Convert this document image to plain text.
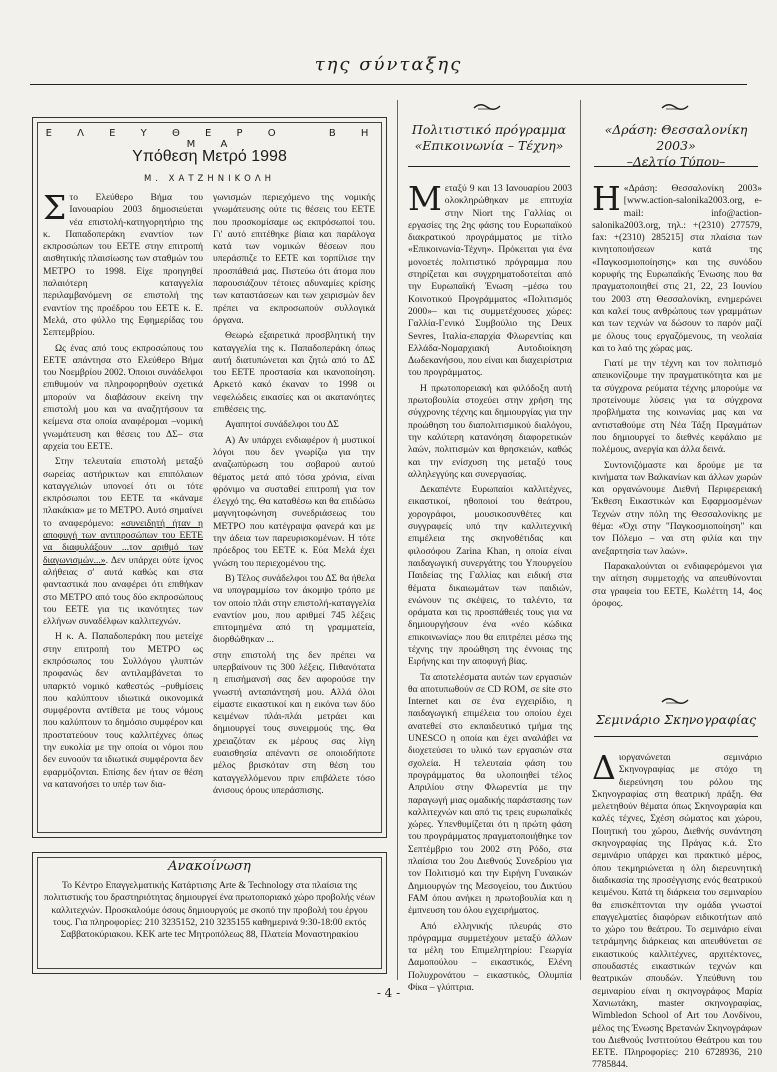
της σύνταξης
Ε Λ Ε Υ Θ Ε Ρ Ο	Β Η Μ Α
Υπόθεση Μετρό 1998
Μ. ΧΑΤΖΗΝΙΚΟΛΗ

Στο Ελεύθερο Βήμα του Ιανουαρίου 2003 δημοσιεύεται νέα επιστολή-κατηγορητήριο της κ. Παπαδοπεράκη εναντίον των εκπροσώπων του ΕΕΤΕ στην επιτροπή αισθητικής πλαισίωσης των σταθμών του ΜΕΤΡΟ το 1998. Είχε προηγηθεί παλαιότερη καταγγελία περιλαμβανόμενη σε επιστολή της εναντίον της προέδρου του ΕΕΤΕ κ. Ε. Μελά, στο φύλλο της Εφημερίδας του Σεπτεμβρίου.

Ως ένας από τους εκπροσώπους του ΕΕΤΕ απάντησα στο Ελεύθερο Βήμα του Νοεμβρίου 2002. Όποιοι συνάδελφοι επιθυμούν να πληροφορηθούν σχετικά μπορούν να διαβάσουν εκείνη την επιστολή μου και να αναζητήσουν τα κείμενα στα οποία αναφέρομαι –νομική γνωμάτευση και θέσεις του ΔΣ– στα αρχεία του ΕΕΤΕ.

Στην τελευταία επιστολή μεταξύ σωρείας αστήρικτων και επιπόλαιων καταγγελιών υπονοεί ότι οι τότε εκπρόσωποι του ΕΕΤΕ τα «κάναμε πλακάκια» με το ΜΕΤΡΟ. Αυτό σημαίνει το αναφερόμενο: «συνειδητή ήταν η αποφυγή των αντιπροσώπων του ΕΕΤΕ να διαφυλάξουν ...τον αριθμό των διαγωνισμών...». Δεν υπάρχει ούτε ίχνος αλήθειας σ' αυτά καθώς και στα φανταστικά που αναφέρει ότι επιθήκαν στο ΜΕΤΡΟ από τους δύο εκπροσώπους του ΕΕΤΕ για τις ικανότητες των ελλήνων συναδέλφων καλλιτεχνών.

Η κ. Α. Παπαδοπεράκη που μετείχε στην επιτροπή του ΜΕΤΡΟ ως εκπρόσωπος του Συλλόγου γλυπτών προφανώς δεν αντιλαμβάνεται το υπαρκτό νομικό καθεστώς –ρυθμίσεις που καλύπτουν ιδιωτικά οικονομικά συμφέροντα αντίθετα με τους νόμους που καλύπτουν το δημόσιο συμφέρον και προστατεύουν τους καλλιτέχνες όπως την ευκολία με την οποία οι νόμοι που δεν ευνοούν τα ιδιωτικά συμφέροντα δεν εφαρμόζονται. Επίσης δεν ήταν σε θέση να κατανοήσει το υπέρ των δια-

γωνισμών περιεχόμενο της νομικής γνωμάτευσης ούτε τις θέσεις του ΕΕΤΕ που προσκομίσαμε ως εκπρόσωποί του. Γι' αυτό επιτέθηκε βίαια και παράλογα κατά των νομικών θέσεων που υπεράσπιζε το ΕΕΤΕ και τορπίλισε την προσπάθειά μας. Πιστεύω ότι άτομα που παρουσιάζουν τέτοιες αδυναμίες κρίσης των καταστάσεων και των χειρισμών δεν πρέπει να εκπροσωπούν συλλογικά όργανα.

Θεωρώ εξαιρετικά προσβλητική την καταγγελία της κ. Παπαδοπεράκη όπως αυτή διατυπώνεται και ζητώ από το ΔΣ του ΕΕΤΕ προστασία και ικανοποίηση. Αρκετό κακό έκαναν το 1998 οι νεφελώδεις εικασίες και οι ακατανόητες επιθέσεις της.

Αγαπητοί συνάδελφοι του ΔΣ

Α) Αν υπάρχει ενδιαφέρον ή μυστικοί λόγοι που δεν γνωρίζω για την αναζωπύρωση του σοβαρού αυτού θέματος μετά από τόσα χρόνια, είναι φρόνιμο να συσταθεί επιτροπή για τον έλεγχό της. Θα καταθέσω και θα επιδώσω μαγνητοφώνηση συνεδριάσεως του ΜΕΤΡΟ που κατέγραψα φανερά και με την άδεια των παρευρισκομένων. Η τότε πρόεδρος του ΕΕΤΕ κ. Εύα Μελά έχει γνώση του περιεχομένου της.

Β) Τέλος συνάδελφοι του ΔΣ θα ήθελα να υπογραμμίσω τον άκομψο τρόπο με τον οποίο πλάι στην επιστολή-καταγγελία εναντίον μου, που αριθμεί 745 λέξεις επιτομημένα από τη γραμματεία, διορθώθηκαν ...

στην επιστολή της δεν πρέπει να υπερβαίνουν τις 300 λέξεις. Πιθανότατα η επισήμανσή σας δεν αφορούσε την γνωστή ανταπάντησή μου. Αλλά όλοι είμαστε εικαστικοί και η εικόνα των δύο κειμένων πλάι-πλάι μετράει και δημιουργεί τους συνειρμούς της. Θα χρειαζόταν εκ μέρους σας λίγη ευαισθησία απέναντι σε οποιοδήποτε μέλος βρισκόταν στη θέση του καταγγελλόμενου πριν επιβάλετε τόσο άνισους όρους υπεράσπισης.

Ανακοίνωση
Το Κέντρο Επαγγελματικής Κατάρτισης Arte & Technology στα πλαίσια της πολιτιστικής του δραστηριότητας δημιουργεί ένα πρωτοποριακό χώρο προβολής νέων καλλιτεχνών. Προσκαλούμε όσους δημιουργούς με σκοπό την προβολή του έργου τους. Για πληροφορίες: 210 3235152, 210 3235155 καθημερινά 9:30-18:00 εκτός Σαββατοκύριακου. ΚΕΚ arte tec Μητροπόλεως 88, Πλατεία Μοναστηρακίου
Πολιτιστικό πρόγραμμα
«Επικοινωνία – Τέχνη»

Μεταξύ 9 και 13 Ιανουαρίου 2003 ολοκληρώθηκαν με επιτυχία στην Niort της Γαλλίας οι εργασίες της 2ης φάσης του Ευρωπαϊκού διακρατικού προγράμματος με τίτλο «Επικοινωνία-Τέχνη». Πρόκειται για ένα μονοετές πολιτιστικό πρόγραμμα που στηρίζεται και συγχρηματοδοτείται από την Ευρωπαϊκή Ένωση –μέσω του Κοινοτικού Προγράμματος «Πολιτισμός 2000»– και τις συμμετέχουσες χώρες: Γαλλία-Γενικό Συμβούλιο της Deux Sevres, Ιταλία-επαρχία Φλωρεντίας και Ελλάδα-Νομαρχιακή Αυτοδιοίκηση Δωδεκανήσου, που είναι και διαχειρίστρια του προγράμματος.

Η πρωτοπορειακή και φιλόδοξη αυτή πρωτοβουλία στοχεύει στην χρήση της σύγχρονης τέχνης και δημιουργίας για την προώθηση του διαπολιτισμικού διαλόγου, την καλύτερη κατανόηση διαφορετικών λαών, πολιτισμών και θρησκειών, καθώς και την ενίσχυση της μεταξύ τους αλληλεγγύης και συνεργασίας.

Δεκαπέντε Ευρωπαίοι καλλιτέχνες, εικαστικοί, ηθοποιοί του θεάτρου, χορογράφοι, μουσικοσυνθέτες και συγγραφείς υπό την καλλιτεχνική επιμέλεια της σκηνοθέτιδας και φιλοσόφου Zarina Khan, η οποία είναι παιδαγωγική συνεργάτης του Υπουργείου Παιδείας της Γαλλίας και ειδική στα θέματα δικαιωμάτων των παιδιών, ενώνουν τις σκέψεις, το ταλέντο, τα οράματα και τις προσπάθειές τους για να δημιουργήσουν ένα «νέο κώδικα επικοινωνίας» που θα επιτρέπει μέσω της τέχνης την προώθηση της έννοιας της Ειρήνης και την αποφυγή βίας.

Τα αποτελέσματα αυτών των εργασιών θα αποτυπωθούν σε CD ROM, σε site στο Internet και σε ένα εγχειρίδιο, η παιδαγωγική επιμέλεια του οποίου έχει ανατεθεί στο εκπαιδευτικό τμήμα της UNESCO η οποία και έχει αναλάβει να διοχετεύσει το υλικό των εργασιών στα σχολεία. Η τελευταία φάση του προγράμματος θα υλοποιηθεί τέλος Απριλίου στην Φλωρεντία με την παραγωγή μιας ομαδικής παράστασης των καλλιτεχνών και από τις τρεις ευρωπαϊκές χώρες. Υπενθυμίζεται ότι η πρώτη φάση του προγράμματος πραγματοποιήθηκε τον Σεπτέμβριο του 2002 στη Ρόδο, στα πλαίσια του 2ου Διεθνούς Συνεδρίου για τον Πολιτισμό και την Ειρήνη Γυναικών Δημιουργών της Μεσογείου, του Δικτύου FAM όπου ανήκει η πρωτοβουλία και η έμπνευση του όλου εγχειρήματος.

Από ελληνικής πλευράς στο πρόγραμμα συμμετέχουν μεταξύ άλλων τα μέλη του Επιμελητηρίου: Γεωργία Δαμοπούλου – εικαστικός, Ελένη Πολυχρονάτου – εικαστικός, Ολυμπία Φίκα – γλύπτρια.

«Δράση: Θεσσαλονίκη 2003»
–Δελτίο Τύπου–

Η «Δράση: Θεσσαλονίκη 2003» [www.action-salonika2003.org, e-mail: info@action-salonika2003.org, τηλ.: +(2310) 277579, fax: +(2310) 285215] στα πλαίσια των κινητοποιήσεων κατά της «Παγκοσμιοποίησης» και της συνόδου κορυφής της Ευρωπαϊκής Ένωσης που θα πραγματοποιηθεί στις 21, 22, 23 Ιουνίου του 2003 στη Θεσσαλονίκη, ενημερώνει και καλεί τους ανθρώπους των γραμμάτων και των τεχνών να δώσουν το παρόν μαζί με όλους τους εργαζόμενους, τη νεολαία και το λαό της χώρας μας.

Γιατί με την τέχνη και τον πολιτισμό απεικονίζουμε την πραγματικότητα και με τα σύγχρονα ρεύματα τέχνης μπορούμε να προτείνουμε λύσεις για τα σύγχρονα προβλήματα της κοινωνίας μας και να αντισταθούμε στη Νέα Τάξη Πραγμάτων που δημιουργεί το διεθνές κεφάλαιο με πολέμους, ανεργία και άλλα δεινά.

Συντονιζόμαστε και δρούμε με τα κινήματα των Βαλκανίων και άλλων χωρών και οργανώνουμε Διεθνή Περιφερειακή Έκθεση Εικαστικών και Εφαρμοσμένων Τεχνών στην πόλη της Θεσσαλονίκης με θέμα: «Όχι στην "Παγκοσμιοποίηση" και τον Πόλεμο – ναι στη φιλία και την ανεξαρτησία των λαών».

Παρακαλούνται οι ενδιαφερόμενοι για την αίτηση συμμετοχής να απευθύνονται στα γραφεία του ΕΕΤΕ, Κωλέττη 14, 4ος όροφος.

Σεμινάριο Σκηνογραφίας

Διοργανώνεται σεμινάριο Σκηνογραφίας με στόχο τη διερεύνηση του ρόλου της Σκηνογραφίας στη θεατρική πράξη. Θα μελετηθούν θέματα όπως Σκηνογραφία και καλές τέχνες, Σχέση σώματος και χώρου, Ποιητική του χώρου, Διεθνής συνάντηση σκηνογραφίας της Πράγας κ.ά. Στο σεμινάριο υπάρχει και πρακτικό μέρος, όπου τεκμηριώνεται η όλη διερευνητική διαδικασία της προσέγγισης ενός θεατρικού κειμένου. Κατά τη διάρκεια του σεμιναρίου θα επισκέπτονται την ομάδα γνωστοί επαγγελματίες διαφόρων ειδικοτήτων από το χώρο του θεάτρου. Το σεμινάριο είναι τετράμηνης διάρκειας και απευθύνεται σε εικαστικούς καλλιτέχνες, αρχιτέκτονες, σπουδαστές εικαστικών τεχνών και θεατρικών σπουδών. Υπεύθυνη του σεμιναρίου είναι η σκηνογράφος Μαρία Χανιωτάκη, master σκηνογραφίας, Wimbledon School of Art του Λονδίνου, μέλος της Ένωσης Βρετανών Σκηνογράφων του Διεθνούς Ινστιτούτου Θεάτρου και του ΕΕΤΕ. Πληροφορίες: 210 6728936, 210 7785844.

- 4 -
